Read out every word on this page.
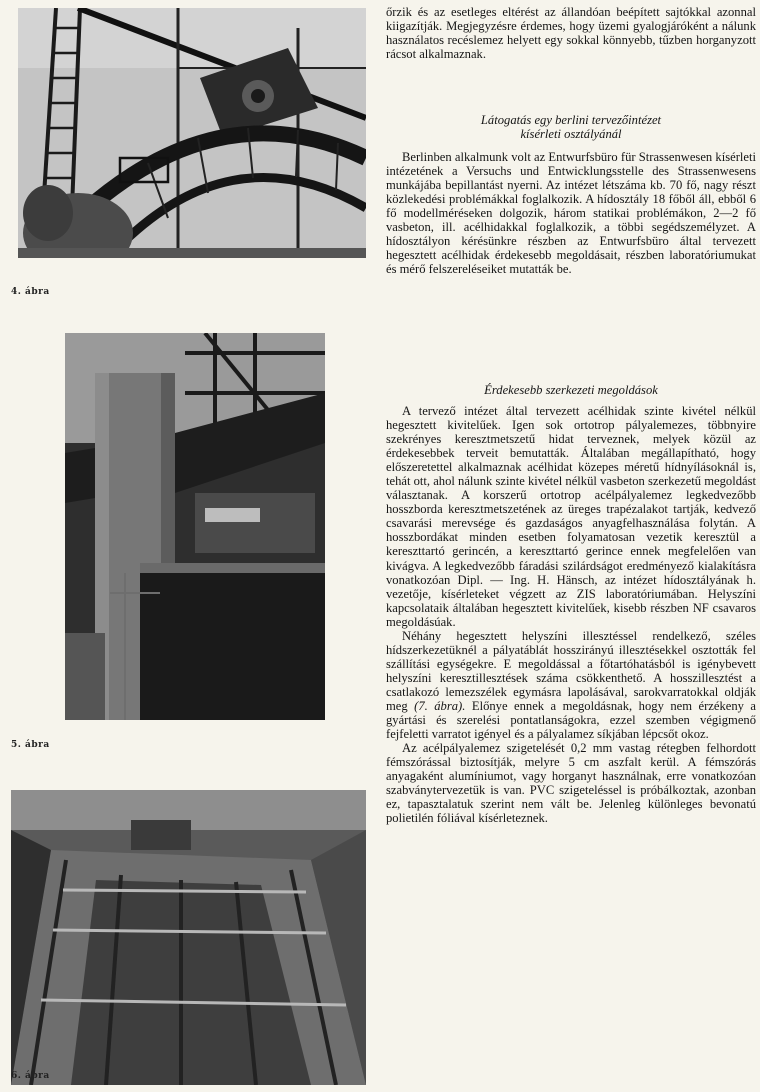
4. ábra
5. ábra
6. ábra

őrzik és az esetleges eltérést az állandóan beépített sajtókkal azonnal kiigazítják. Megjegyzésre érdemes, hogy üzemi gyalogjáróként a nálunk használatos recéslemez helyett egy sokkal könnyebb, tűzben horganyzott rácsot alkalmaznak.

Látogatás egy berlini tervezőintézet
kísérleti osztályánál

Berlinben alkalmunk volt az Entwurfsbüro für Strassenwesen kísérleti intézetének a Versuchs und Entwicklungsstelle des Strassenwesens munkájába bepillantást nyerni. Az intézet létszáma kb. 70 fő, nagy részt közlekedési problémákkal foglalkozik. A hídosztály 18 főből áll, ebből 6 fő modellméréseken dolgozik, három statikai problémákon, 2—2 fő vasbeton, ill. acélhidakkal foglalkozik, a többi segédszemélyzet. A hídosztályon kérésünkre részben az Entwurfsbüro által tervezett hegesztett acélhidak érdekesebb megoldásait, részben laboratóriumukat és mérő felszereléseiket mutatták be.

Érdekesebb szerkezeti megoldások

A tervező intézet által tervezett acélhidak szinte kivétel nélkül hegesztett kivitelűek. Igen sok ortotrop pályalemezes, többnyire szekrényes keresztmetszetű hidat terveznek, melyek közül az érdekesebbek terveit bemutatták. Általában megállapítható, hogy előszeretettel alkalmaznak acélhidat közepes méretű hídnyílásoknál is, tehát ott, ahol nálunk szinte kivétel nélkül vasbeton szerkezetű megoldást választanak. A korszerű ortotrop acélpályalemez legkedvezőbb hosszborda keresztmetszetének az üreges trapézalakot tartják, kedvező csavarási merevsége és gazdaságos anyagfelhasználása folytán. A hosszbordákat minden esetben folyamatosan vezetik keresztül a kereszttartó gerincén, a kereszttartó gerince ennek megfelelően van kivágva. A legkedvezőbb fáradási szilárdságot eredményező kialakításra vonatkozóan Dipl. — Ing. H. Hänsch, az intézet hídosztályának h. vezetője, kísérleteket végzett az ZIS laboratóriumában. Helyszíni kapcsolataik általában hegesztett kivitelűek, kisebb részben NF csavaros megoldásúak.

Néhány hegesztett helyszíni illesztéssel rendelkező, széles hídszerkezetüknél a pályatáblát hosszirányú illesztésekkel osztották fel szállítási egységekre. E megoldással a főtartóhatásból is igénybevett helyszíni keresztillesztések száma csökkenthető. A hosszillesztést a csatlakozó lemezszélek egymásra lapolásával, sarokvarratokkal oldják meg (7. ábra). Előnye ennek a megoldásnak, hogy nem érzékeny a gyártási és szerelési pontatlanságokra, ezzel szemben végigmenő fejfeletti varratot igényel és a pályalamez síkjában lépcsőt okoz.

Az acélpályalemez szigetelését 0,2 mm vastag rétegben felhordott fémszórással biztosítják, melyre 5 cm aszfalt kerül. A fémszórás anyagaként alumíniumot, vagy horganyt használnak, erre vonatkozóan szabványtervezetük is van. PVC szigeteléssel is próbálkoztak, azonban ez, tapasztalatuk szerint nem vált be. Jelenleg különleges bevonatú polietilén fóliával kísérleteznek.
